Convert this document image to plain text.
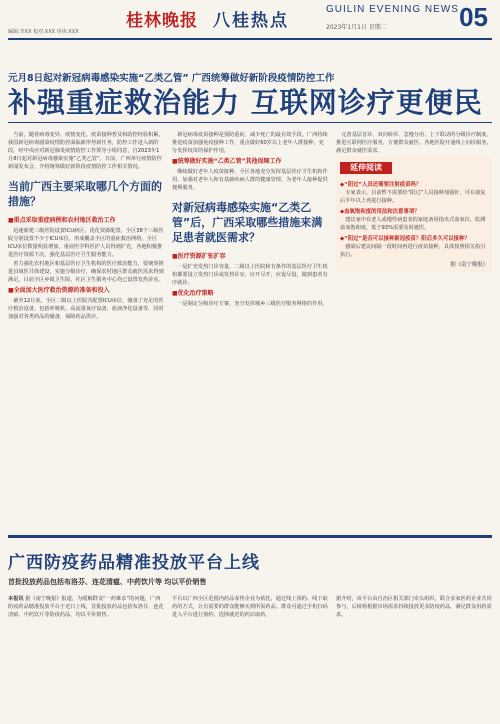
编辑:李XX 校对:XXX 审读:XXX
桂林晚报 八桂热点
GUILIN EVENING NEWS
2023年1月1日 星期二	05
元月8日起对新冠病毒感染实施“乙类乙管” 广西统筹做好新阶段疫情防控工作
补强重症救治能力 互联网诊疗更便民

当前，随着病毒变异、疫情变化、疫苗接种普及和防控经验积累，我国新冠病毒感染疫情防控面临新形势新任务，防控工作进入新阶段。经中央应对新冠肺炎疫情防控工作领导小组同意，自2023年1月8日起对新冠病毒感染实施“乙类乙管”。日前，广西举行疫情防控新闻发布会，介绍统筹做好新阶段疫情防控工作相关情况。

当前广西主要采取哪几个方面的措施？
■重点采取重症病例和农村地区救治工作

迅速新建三级医院设置ICU病区，优化资源配置，全区38个三级医院分别设置不少于ICU床位，形成覆盖全区的重症救治网络。全区ICU床位数量明显增加，重症医学科医护人员得到扩充，各地积极推进医疗资源下沉，强化基层医疗卫生服务能力。

着力强化农村地区和基层医疗卫生机构的医疗救治能力，要统筹推进县域医共体建设，实施分级诊疗，确保农村地区群众就医需求得到满足。目前全区乡镇卫生院、社区卫生服务中心均已设置发热诊室。

■全面加大医疗救治资源的准备和投入

截至12月底，全区二级以上医院共配置ICU床位，储备了充足的医疗救治设备，包括呼吸机、高流量氧疗设备、血液净化设备等，同时加强对各类药品的储备，保障药品供应。

新冠病毒疫苗接种是预防重症、减少死亡的最有效手段。广西持续推进疫苗加强免疫接种工作，重点做好60岁以上老年人群接种，充分发挥疫苗的保护作用。

■统筹做好实施“乙类乙管”其他保障工作

继续做好老年人疫苗接种。全区各地充分发挥基层医疗卫生机构作用，加强对老年人和有基础疾病人群的健康管理，为老年人接种提供便利服务。

对新冠病毒感染实施“乙类乙管”后，广西采取哪些措施来满足患者就医需求？
■医疗资源扩张扩容

一是扩充发热门诊容量，二级以上医院和有条件的基层医疗卫生机构都要设立发热门诊或发热诊室，应开尽开，应设尽设，做到患者有序就诊。

■优化治疗策略

一是制定分级诊疗方案，充分发挥城乡三级医疗服务网络的作用。

完善基层首诊、双向转诊、急慢分治、上下联动的分级诊疗制度，推进互联网医疗服务，方便群众就医。各地医院开通线上问诊服务，满足群众就医需求。

延伸阅读
◆“阳过”人员还需要注射疫苗吗？
专家表示，目前暂不需要给“阳过”人员接种加强针，可在康复后半年以上再进行接种。
◆血氧饱和度的用法和注意事项？
建议家中有老人或慢性病患者的家庭备用指夹式血氧仪，监测血氧饱和度，低于93%需要及时就医。
◆“阳过”是否可以接种新冠疫苗？阳后多久可以接种？
感染后建议间隔一段时间再进行疫苗接种，具体按照相关指引执行。
据《南宁晚报》
广西防疫药品精准投放平台上线
首批投放药品包括布洛芬、连花清瘟、中药饮片等 均以平价销售
本报讯 据《南宁晚报》报道，为缓解群众“一药难求”的问题，广西防疫药品精准投放平台于近日上线，首批投放药品包括布洛芬、连花清瘟、中药饮片等防疫药品，均以平价销售。
平台以广西全区范围内药品零售企业为依托，通过线上预约、线下取药的方式，让有需要的群众能够买到所需药品。群众可通过手机扫码进入平台进行预约，选择就近的药店取药。
据介绍，该平台由自治区相关部门牵头组织，联合多家医药企业共同参与，后续将根据市场需求持续投放更多防疫药品，满足群众用药需求。
